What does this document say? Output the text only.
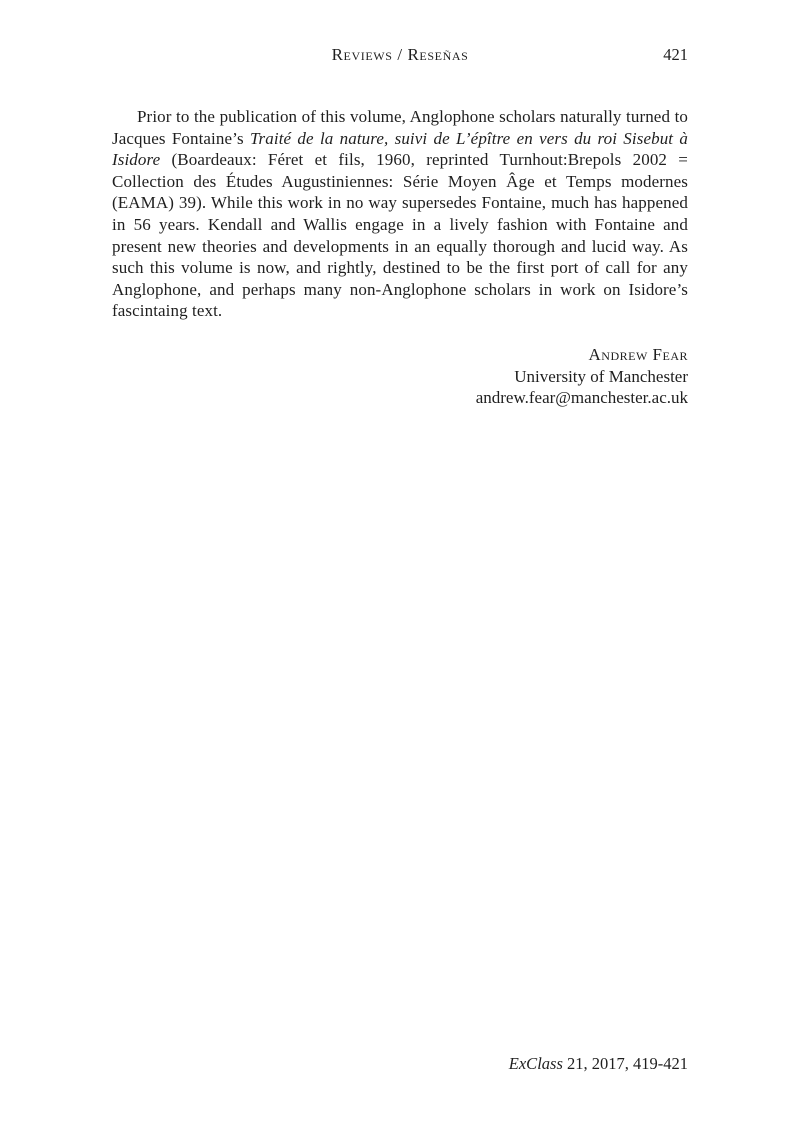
Reviews / Reseñas	421

Prior to the publication of this volume, Anglophone scholars naturally turned to Jacques Fontaine’s Traité de la nature, suivi de L’épître en vers du roi Sisebut à Isidore (Boardeaux: Féret et fils, 1960, reprinted Turnhout:Brepols 2002 = Collection des Études Augustiniennes: Série Moyen Âge et Temps modernes (EAMA) 39). While this work in no way supersedes Fontaine, much has happened in 56 years. Kendall and Wallis engage in a lively fashion with Fontaine and present new theories and developments in an equally thorough and lucid way. As such this volume is now, and rightly, destined to be the first port of call for any Anglophone, and perhaps many non-Anglophone scholars in work on Isidore’s fascintaing text.

Andrew Fear
University of Manchester
andrew.fear@manchester.ac.uk
ExClass 21, 2017, 419-421
